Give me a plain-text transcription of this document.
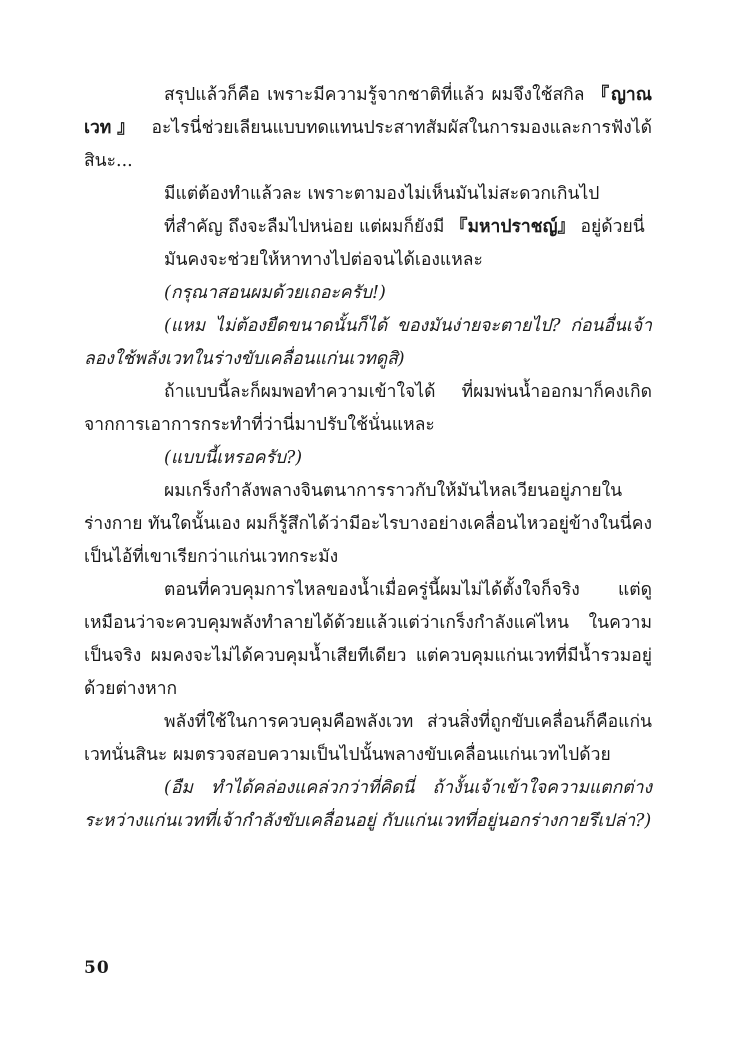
สรุปแล้วก็คือ เพราะมีความรู้จากชาติที่แล้ว ผมจึงใช้สกิล 『ญาณเวท』 อะไรนี่ช่วยเลียนแบบทดแทนประสาทสัมผัสในการมองและการฟังได้สินะ...

มีแต่ต้องทำแล้วละ เพราะตามองไม่เห็นมันไม่สะดวกเกินไป

ที่สำคัญ ถึงจะลืมไปหน่อย แต่ผมก็ยังมี 『มหาปราชญ์』 อยู่ด้วยนี่

มันคงจะช่วยให้หาทางไปต่อจนได้เองแหละ

(กรุณาสอนผมด้วยเถอะครับ!)

(แหม ไม่ต้องยืดขนาดนั้นก็ได้ ของมันง่ายจะตายไป? ก่อนอื่นเจ้าลองใช้พลังเวทในร่างขับเคลื่อนแก่นเวทดูสิ)

ถ้าแบบนี้ละก็ผมพอทำความเข้าใจได้ ที่ผมพ่นน้ำออกมาก็คงเกิดจากการเอาการกระทำที่ว่านี่มาปรับใช้นั่นแหละ

(แบบนี้เหรอครับ?)

ผมเกร็งกำลังพลางจินตนาการราวกับให้มันไหลเวียนอยู่ภายในร่างกาย ทันใดนั้นเอง ผมก็รู้สึกได้ว่ามีอะไรบางอย่างเคลื่อนไหวอยู่ข้างในนี่คงเป็นไอ้ที่เขาเรียกว่าแก่นเวทกระมัง

ตอนที่ควบคุมการไหลของน้ำเมื่อครู่นี้ผมไม่ได้ตั้งใจก็จริง แต่ดูเหมือนว่าจะควบคุมพลังทำลายได้ด้วยแล้วแต่ว่าเกร็งกำลังแค่ไหน ในความเป็นจริง ผมคงจะไม่ได้ควบคุมน้ำเสียทีเดียว แต่ควบคุมแก่นเวทที่มีน้ำรวมอยู่ด้วยต่างหาก

พลังที่ใช้ในการควบคุมคือพลังเวท ส่วนสิ่งที่ถูกขับเคลื่อนก็คือแก่นเวทนั่นสินะ ผมตรวจสอบความเป็นไปนั้นพลางขับเคลื่อนแก่นเวทไปด้วย

(อืม ทำได้คล่องแคล่วกว่าที่คิดนี่ ถ้างั้นเจ้าเข้าใจความแตกต่างระหว่างแก่นเวทที่เจ้ากำลังขับเคลื่อนอยู่ กับแก่นเวทที่อยู่นอกร่างกายรึเปล่า?)

50
